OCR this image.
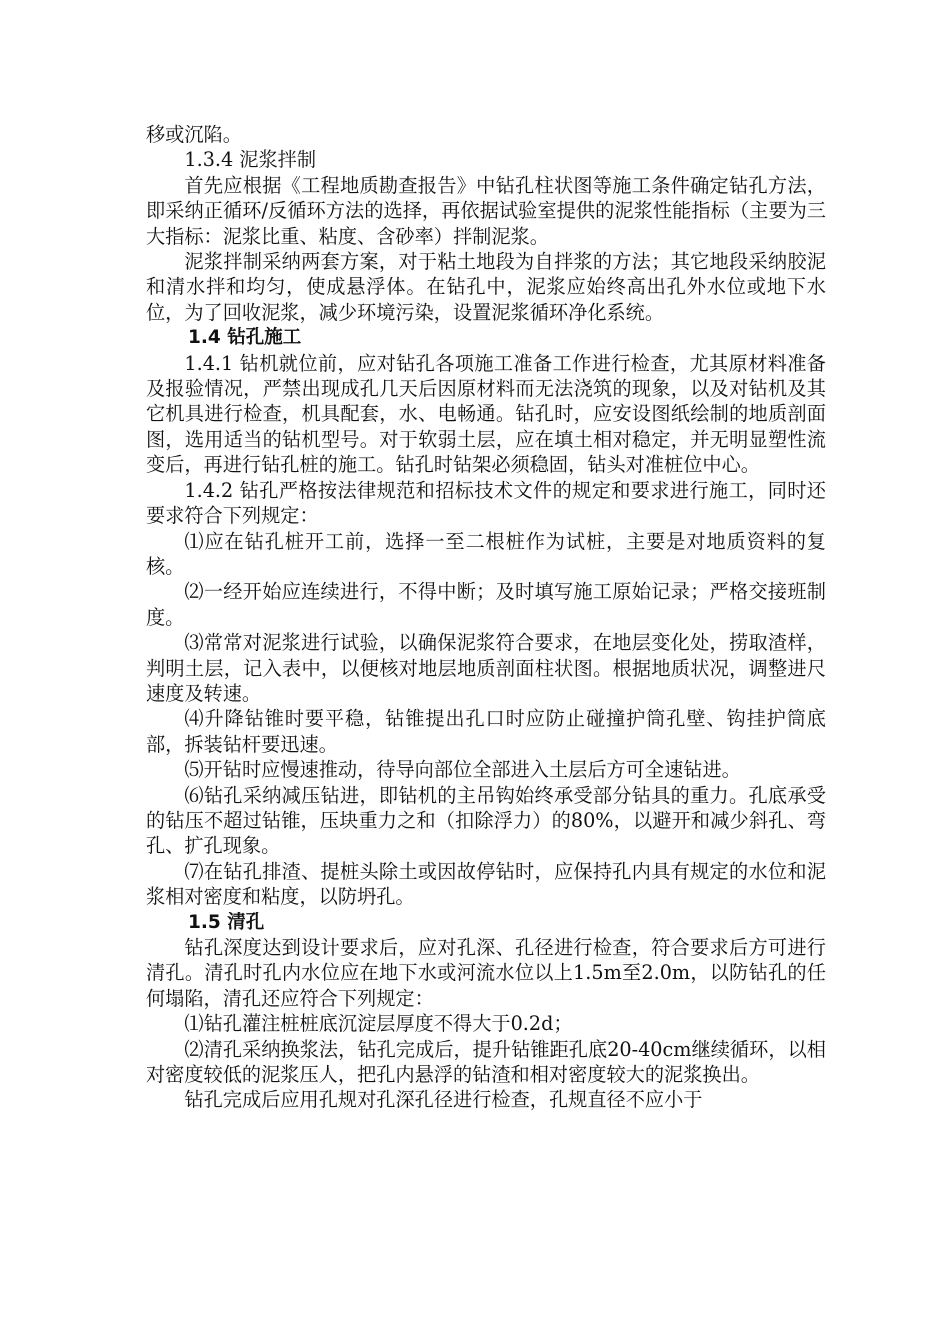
移或沉陷。

1.3.4 泥浆拌制

首先应根据《工程地质勘查报告》中钻孔柱状图等施工条件确定钻孔方法，即采纳正循环/反循环方法的选择，再依据试验室提供的泥浆性能指标（主要为三大指标：泥浆比重、粘度、含砂率）拌制泥浆。

泥浆拌制采纳两套方案，对于粘土地段为自拌浆的方法；其它地段采纳胶泥和清水拌和均匀，使成悬浮体。在钻孔中，泥浆应始终高出孔外水位或地下水位，为了回收泥浆，减少环境污染，设置泥浆循环净化系统。

1.4 钻孔施工

1.4.1 钻机就位前，应对钻孔各项施工准备工作进行检查，尤其原材料准备及报验情况，严禁出现成孔几天后因原材料而无法浇筑的现象，以及对钻机及其它机具进行检查，机具配套，水、电畅通。钻孔时，应安设图纸绘制的地质剖面图，选用适当的钻机型号。对于软弱土层，应在填土相对稳定，并无明显塑性流变后，再进行钻孔桩的施工。钻孔时钻架必须稳固，钻头对准桩位中心。

1.4.2 钻孔严格按法律规范和招标技术文件的规定和要求进行施工，同时还要求符合下列规定：

⑴应在钻孔桩开工前，选择一至二根桩作为试桩，主要是对地质资料的复核。

⑵一经开始应连续进行，不得中断；及时填写施工原始记录；严格交接班制度。

⑶常常对泥浆进行试验，以确保泥浆符合要求，在地层变化处，捞取渣样，判明土层，记入表中，以便核对地层地质剖面柱状图。根据地质状况，调整进尺速度及转速。

⑷升降钻锥时要平稳，钻锥提出孔口时应防止碰撞护筒孔壁、钩挂护筒底部，拆装钻杆要迅速。

⑸开钻时应慢速推动，待导向部位全部进入土层后方可全速钻进。

⑹钻孔采纳减压钻进，即钻机的主吊钩始终承受部分钻具的重力。孔底承受的钻压不超过钻锥，压块重力之和（扣除浮力）的80%，以避开和减少斜孔、弯孔、扩孔现象。

⑺在钻孔排渣、提桩头除土或因故停钻时，应保持孔内具有规定的水位和泥浆相对密度和粘度，以防坍孔。

1.5 清孔

钻孔深度达到设计要求后，应对孔深、孔径进行检查，符合要求后方可进行清孔。清孔时孔内水位应在地下水或河流水位以上1.5m至2.0m，以防钻孔的任何塌陷，清孔还应符合下列规定：

⑴钻孔灌注桩桩底沉淀层厚度不得大于0.2d；

⑵清孔采纳换浆法，钻孔完成后，提升钻锥距孔底20-40cm继续循环，以相对密度较低的泥浆压人，把孔内悬浮的钻渣和相对密度较大的泥浆换出。

钻孔完成后应用孔规对孔深孔径进行检查，孔规直径不应小于
